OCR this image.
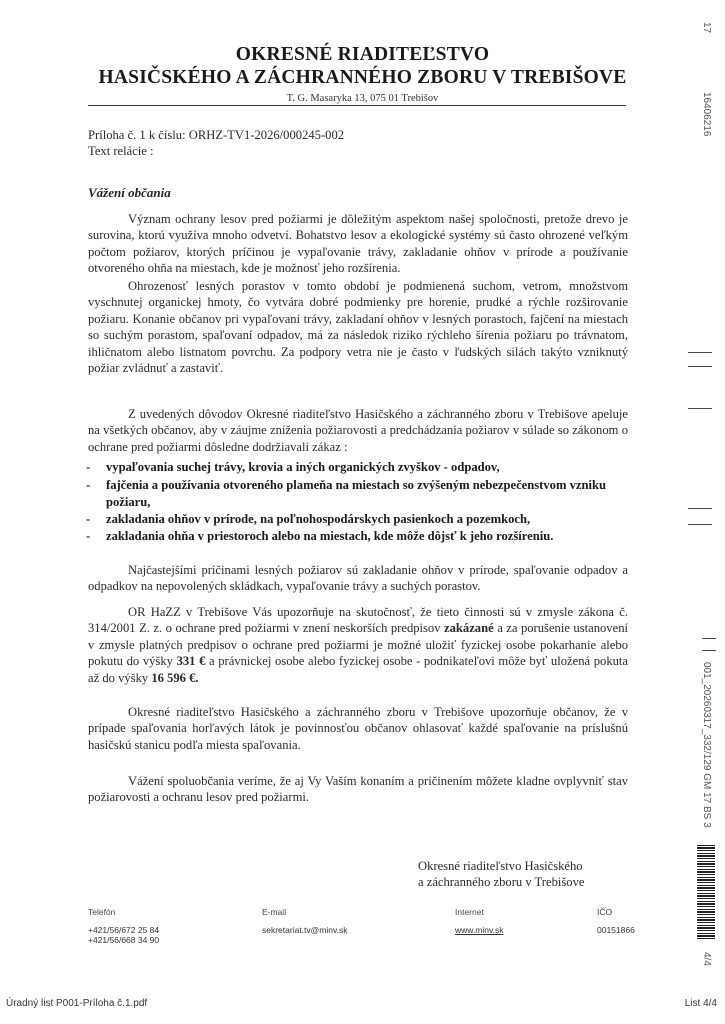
OKRESNÉ RIADITEĽSTVO
HASIČSKÉHO A ZÁCHRANNÉHO ZBORU V TREBIŠOVE
T. G. Masaryka 13, 075 01 Trebišov
Príloha č. 1 k číslu: ORHZ-TV1-2026/000245-002
Text relácie :
Vážení občania
Význam ochrany lesov pred požiarmi je dôležitým aspektom našej spoločnosti, pretože drevo je surovina, ktorú využíva mnoho odvetví. Bohatstvo lesov a ekologické systémy sú často ohrozené veľkým počtom požiarov, ktorých príčinou je vypaľovanie trávy, zakladanie ohňov v prírode a používanie otvoreného ohňa na miestach, kde je možnosť jeho rozšírenia.
Ohrozenosť lesných porastov v tomto období je podmienená suchom, vetrom, množstvom vyschnutej organickej hmoty, čo vytvára dobré podmienky pre horenie, prudké a rýchle rozširovanie požiaru. Konanie občanov pri vypaľovaní trávy, zakladaní ohňov v lesných porastoch, fajčení na miestach so suchým porastom, spaľovaní odpadov, má za následok riziko rýchleho šírenia požiaru po trávnatom, ihličnatom alebo listnatom povrchu. Za podpory vetra nie je často v ľudských silách takýto vzniknutý požiar zvládnuť a zastaviť.
Z uvedených dôvodov Okresné riaditeľstvo Hasičského a záchranného zboru v Trebišove apeluje na všetkých občanov, aby v záujme zníženia požiarovosti a predchádzania požiarov v súlade so zákonom o ochrane pred požiarmi dôsledne dodržiavali zákaz :
- vypaľovania suchej trávy, krovia a iných organických zvyškov - odpadov,
- fajčenia a používania otvoreného plameňa na miestach so zvýšeným nebezpečenstvom vzniku požiaru,
- zakladania ohňov v prírode, na poľnohospodárskych pasienkoch a pozemkoch,
- zakladania ohňa v priestoroch alebo na miestach, kde môže dôjsť k jeho rozšíreniu.
Najčastejšími príčinami lesných požiarov sú zakladanie ohňov v prírode, spaľovanie odpadov a odpadkov na nepovolených skládkach, vypaľovanie trávy a suchých porastov.
OR HaZZ v Trebišove Vás upozorňuje na skutočnosť, že tieto činnosti sú v zmysle zákona č. 314/2001 Z. z. o ochrane pred požiarmi v znení neskorších predpisov zakázané a za porušenie ustanovení v zmysle platných predpisov o ochrane pred požiarmi je možné uložiť fyzickej osobe pokarhanie alebo pokutu do výšky 331 € a právnickej osobe alebo fyzickej osobe - podnikateľovi môže byť uložená pokuta až do výšky 16 596 €.
Okresné riaditeľstvo Hasičského a záchranného zboru v Trebišove upozorňuje občanov, že v prípade spaľovania horľavých látok je povinnosťou občanov ohlasovať každé spaľovanie na príslušnú hasičskú stanicu podľa miesta spaľovania.
Vážení spoluobčania veríme, že aj Vy Vaším konaním a pričinením môžete kladne ovplyvniť stav požiarovosti a ochranu lesov pred požiarmi.
Okresné riaditeľstvo Hasičského
a záchranného zboru v Trebišove
Telefón
+421/56/672 25 84
+421/56/668 34 90
E-mail
sekretariat.tv@minv.sk
Internet
www.minv.sk
IČO
00151866
17
16406216
001_20260317_332/129 GM 17 BS 3
4/4
Úradný list P001-Príloha č.1.pdf	List 4/4
